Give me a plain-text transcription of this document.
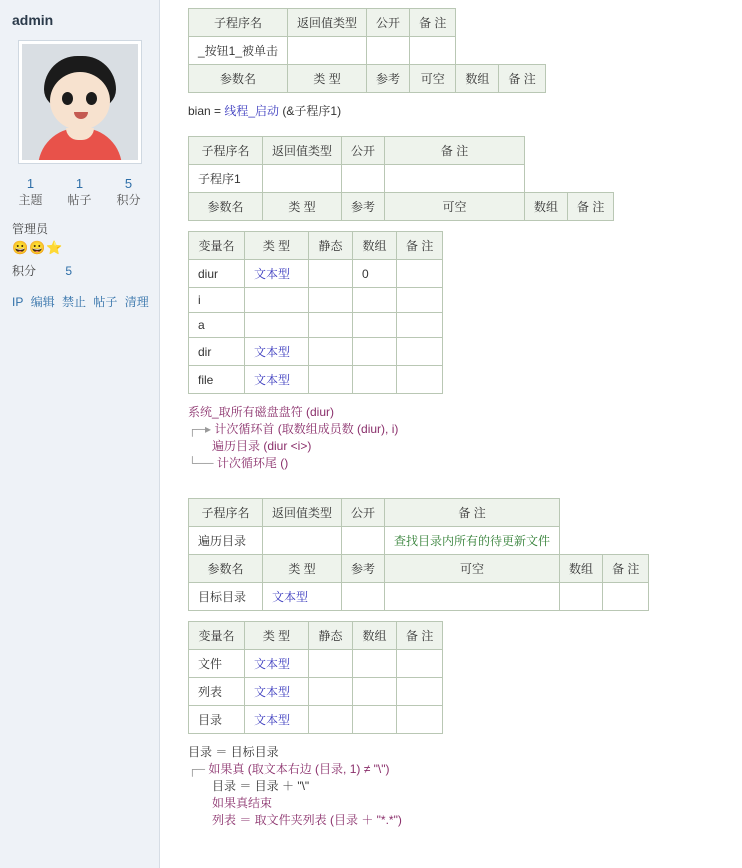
admin
1
主题
1
帖子
5
积分
管理员
😀😀⭐
积分 5
IP 编辑 禁止 帖子 清理
子程序名	返回值类型	公开	备 注		
_按钮1_被单击					
参数名	类 型	参考	可空	数组	备 注
bian = 线程_启动 (&子程序1)
子程序名	返回值类型	公开	备 注		
子程序1					
参数名	类 型	参考	可空	数组	备 注
变量名	类 型	静态	数组	备 注
diur	文本型		0	
i				
a				
dir	文本型			
file	文本型			
系统_取所有磁盘盘符 (diur)
┌─▸ 计次循环首 (取数组成员数 (diur), i)
遍历目录 (diur <i>)
└── 计次循环尾 ()
子程序名	返回值类型	公开	备 注		
遍历目录			查找目录内所有的待更新文件		
参数名	类 型	参考	可空	数组	备 注
目标目录	文本型				
变量名	类 型	静态	数组	备 注
文件	文本型			
列表	文本型			
目录	文本型			
目录 ＝ 目标目录
┌─ 如果真 (取文本右边 (目录, 1) ≠ "\")
目录 ＝ 目录 ＋ "\"
如果真结束
列表 ＝ 取文件夹列表 (目录 ＋ "*.*")
